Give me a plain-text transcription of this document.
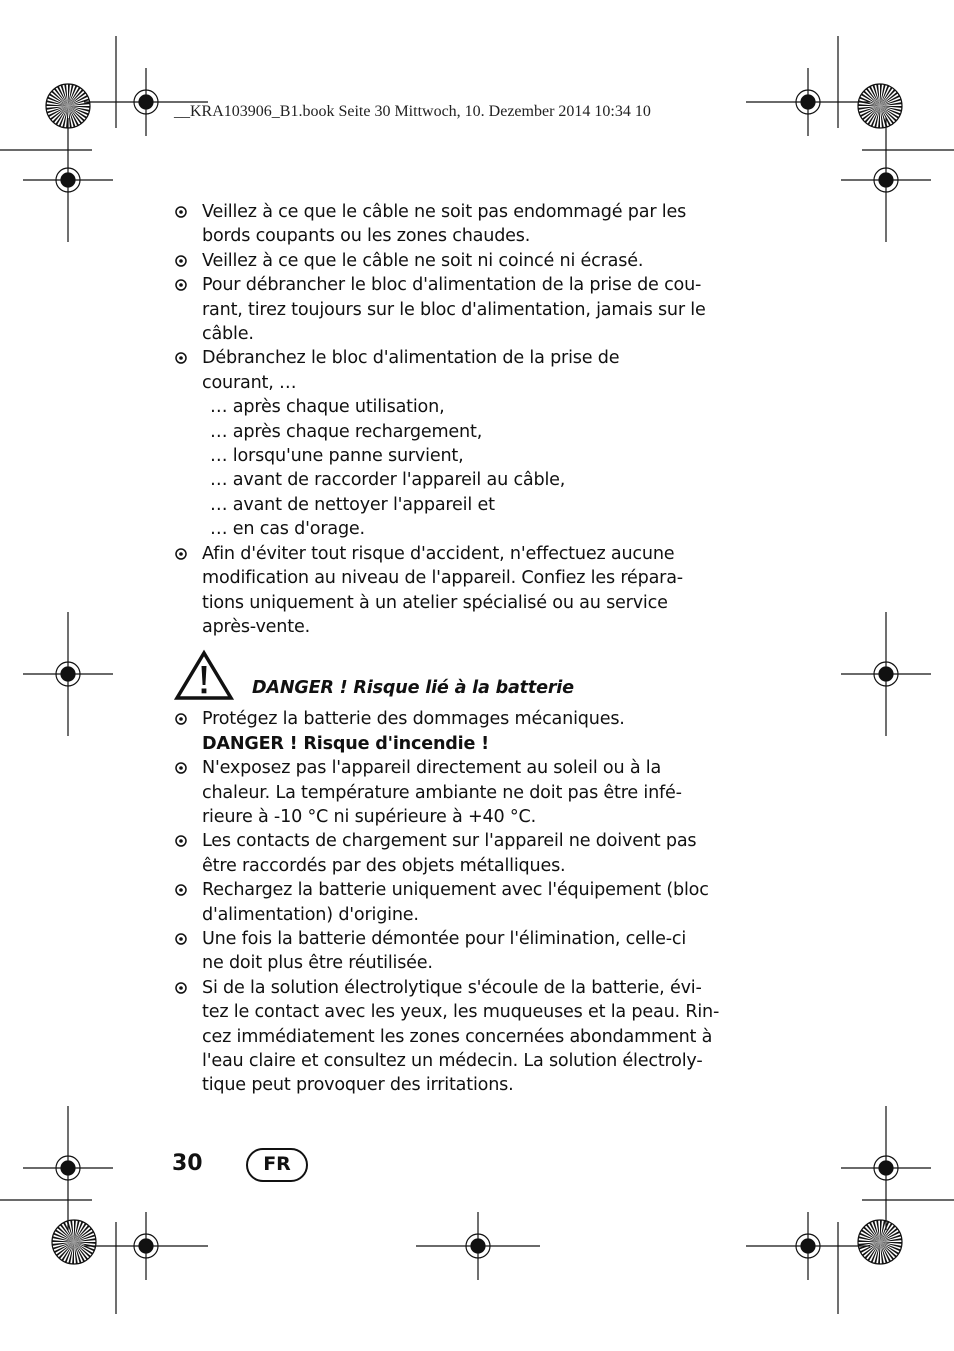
__KRA103906_B1.book Seite 30 Mittwoch, 10. Dezember 2014 10:34 10
Veillez à ce que le câble ne soit pas endommagé par les
bords coupants ou les zones chaudes.
Veillez à ce que le câble ne soit ni coincé ni écrasé.
Pour débrancher le bloc d'alimentation de la prise de cou-
rant, tirez toujours sur le bloc d'alimentation, jamais sur le
câble.
Débranchez le bloc d'alimentation de la prise de
courant, …
… après chaque utilisation,
… après chaque rechargement,
… lorsqu'une panne survient,
… avant de raccorder l'appareil au câble,
… avant de nettoyer l'appareil et
… en cas d'orage.
Afin d'éviter tout risque d'accident, n'effectuez aucune
modification au niveau de l'appareil. Confiez les répara-
tions uniquement à un atelier spécialisé ou au service
après-vente.
DANGER ! Risque lié à la batterie
Protégez la batterie des dommages mécaniques.
DANGER ! Risque d'incendie !
N'exposez pas l'appareil directement au soleil ou à la
chaleur. La température ambiante ne doit pas être infé-
rieure à -10 °C ni supérieure à +40 °C.
Les contacts de chargement sur l'appareil ne doivent pas
être raccordés par des objets métalliques.
Rechargez la batterie uniquement avec l'équipement (bloc
d'alimentation) d'origine.
Une fois la batterie démontée pour l'élimination, celle-ci
ne doit plus être réutilisée.
Si de la solution électrolytique s'écoule de la batterie, évi-
tez le contact avec les yeux, les muqueuses et la peau. Rin-
cez immédiatement les zones concernées abondamment à
l'eau claire et consultez un médecin. La solution électroly-
tique peut provoquer des irritations.
30	FR
